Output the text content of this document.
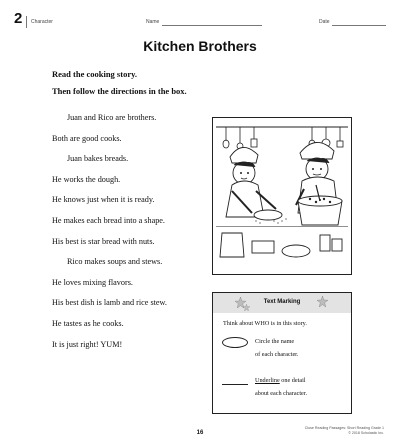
2 Character	Name	Date
Kitchen Brothers
Read the cooking story.
Then follow the directions in the box.
Juan and Rico are brothers.
Both are good cooks.
Juan bakes breads.
He works the dough.
He knows just when it is ready.
He makes each bread into a shape.
His best is star bread with nuts.
Rico makes soups and stews.
He loves mixing flavors.
His best dish is lamb and rice stew.
He tastes as he cooks.
It is just right! YUM!
Text Marking
Think about WHO is in this story.
Circle the name
of each character.
Underline one detail
about each character.
16
Close Reading Passages: Short Reading Grade 1
© 2018 Scholastic Inc.
